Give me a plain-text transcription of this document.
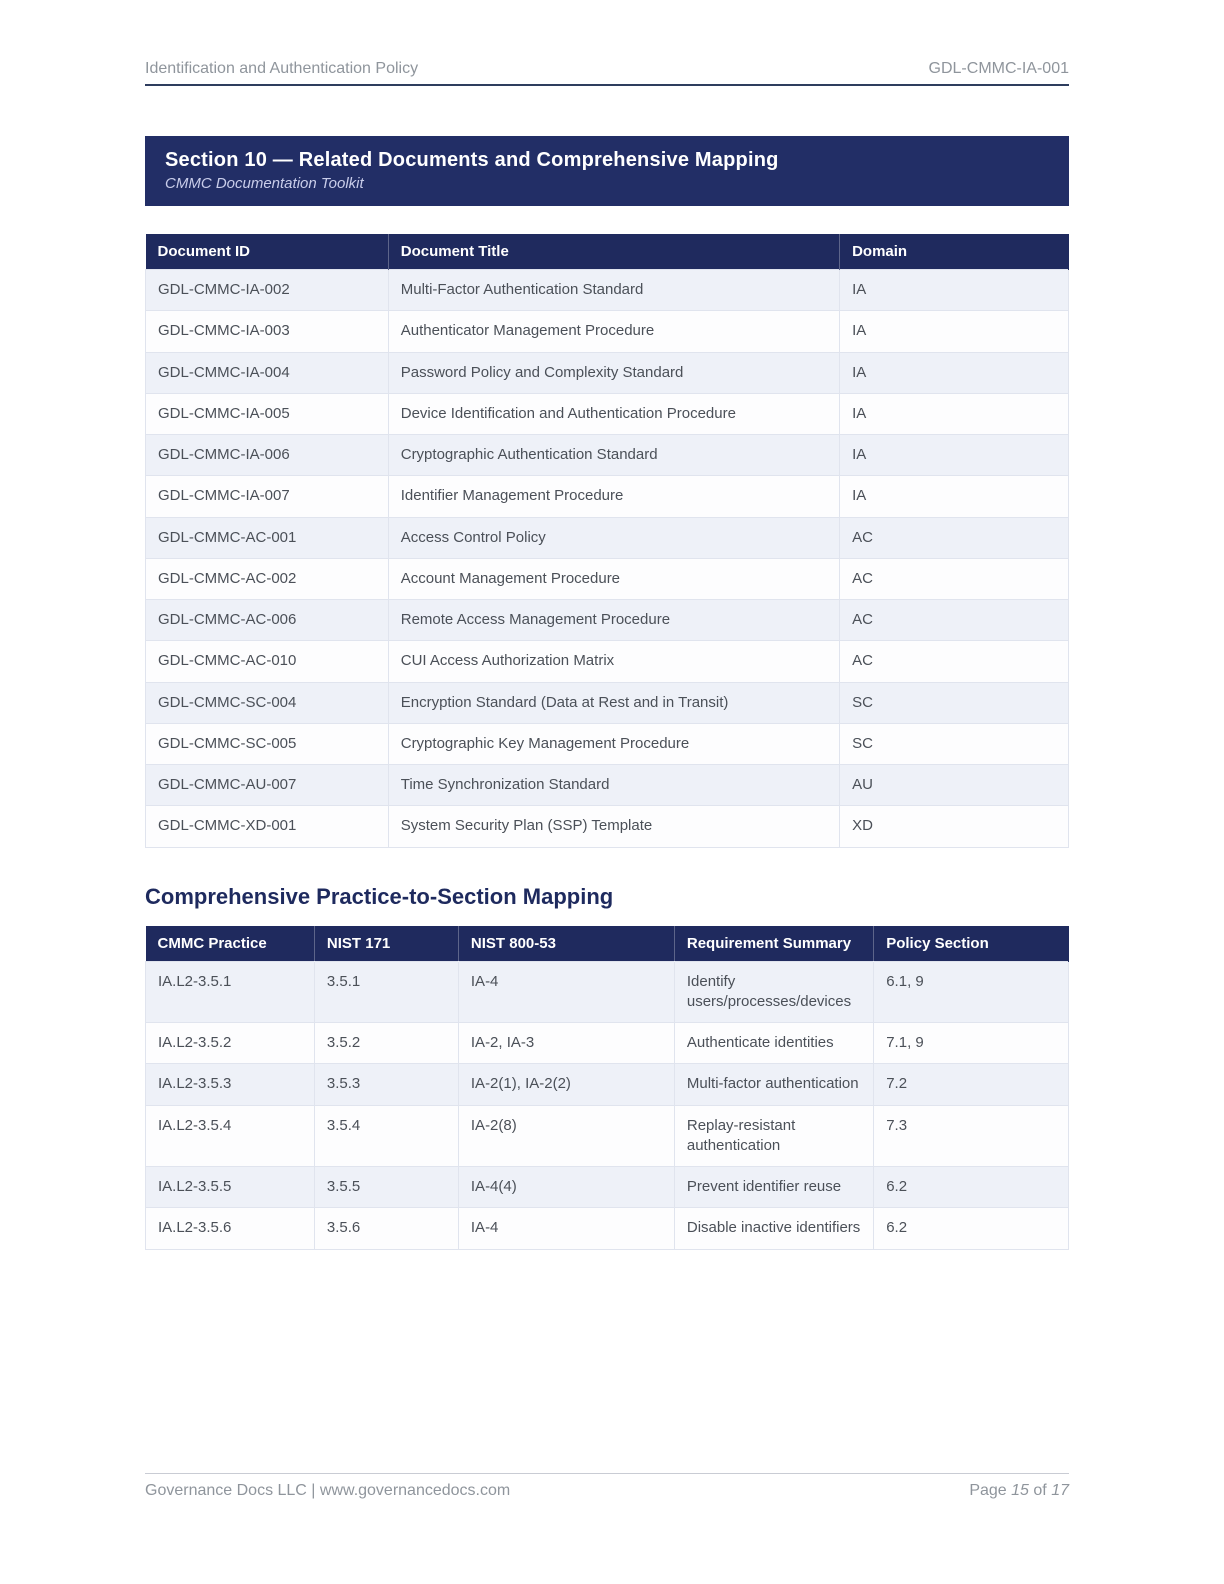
Identification and Authentication Policy	GDL-CMMC-IA-001
Section 10 — Related Documents and Comprehensive Mapping
CMMC Documentation Toolkit
Document ID	Document Title	Domain
GDL-CMMC-IA-002	Multi-Factor Authentication Standard	IA
GDL-CMMC-IA-003	Authenticator Management Procedure	IA
GDL-CMMC-IA-004	Password Policy and Complexity Standard	IA
GDL-CMMC-IA-005	Device Identification and Authentication Procedure	IA
GDL-CMMC-IA-006	Cryptographic Authentication Standard	IA
GDL-CMMC-IA-007	Identifier Management Procedure	IA
GDL-CMMC-AC-001	Access Control Policy	AC
GDL-CMMC-AC-002	Account Management Procedure	AC
GDL-CMMC-AC-006	Remote Access Management Procedure	AC
GDL-CMMC-AC-010	CUI Access Authorization Matrix	AC
GDL-CMMC-SC-004	Encryption Standard (Data at Rest and in Transit)	SC
GDL-CMMC-SC-005	Cryptographic Key Management Procedure	SC
GDL-CMMC-AU-007	Time Synchronization Standard	AU
GDL-CMMC-XD-001	System Security Plan (SSP) Template	XD
Comprehensive Practice-to-Section Mapping
CMMC Practice	NIST 171	NIST 800-53	Requirement Summary	Policy Section
IA.L2-3.5.1	3.5.1	IA-4	Identify users/processes/devices	6.1, 9
IA.L2-3.5.2	3.5.2	IA-2, IA-3	Authenticate identities	7.1, 9
IA.L2-3.5.3	3.5.3	IA-2(1), IA-2(2)	Multi-factor authentication	7.2
IA.L2-3.5.4	3.5.4	IA-2(8)	Replay-resistant authentication	7.3
IA.L2-3.5.5	3.5.5	IA-4(4)	Prevent identifier reuse	6.2
IA.L2-3.5.6	3.5.6	IA-4	Disable inactive identifiers	6.2
Governance Docs LLC | www.governancedocs.com	Page 15 of 17
